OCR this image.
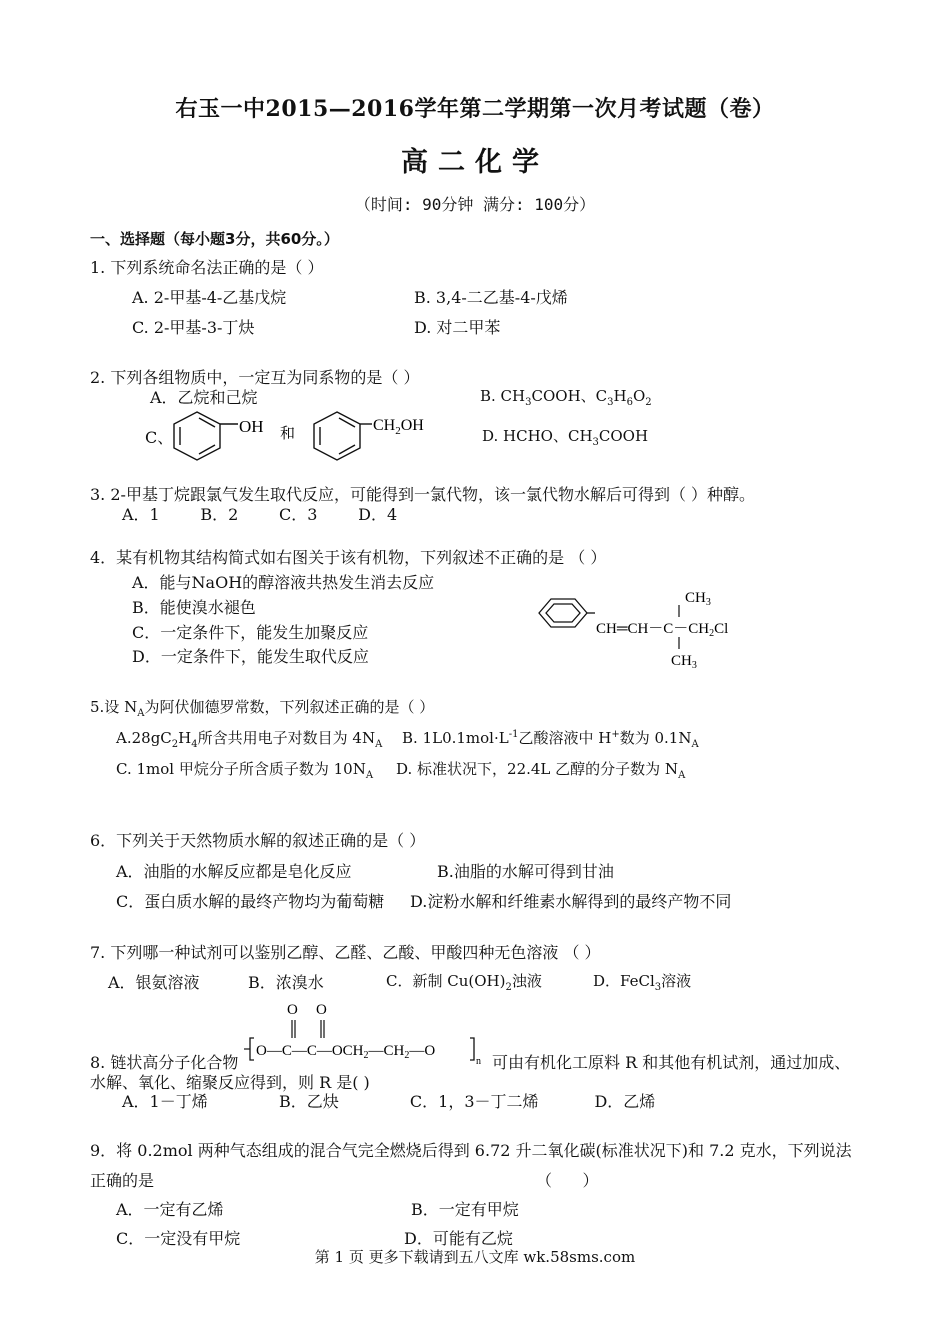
右玉一中2015—2016学年第二学期第一次月考试题（卷）
高二化学
（时间: 90分钟 满分: 100分）
一、选择题（每小题3分，共60分。）
1. 下列系统命名法正确的是（ ）
A. 2-甲基-4-乙基戊烷	B. 3,4-二乙基-4-戊烯
C. 2-甲基-3-丁炔	D. 对二甲苯
2. 下列各组物质中，一定互为同系物的是（ ）
A．乙烷和己烷	B. $CH_3COOH$、$C_3H_6O_2$
C、
OH 和	$CH_2OH$
D. HCHO、$CH_3COOH$
3. 2-甲基丁烷跟氯气发生取代反应，可能得到一氯代物，该一氯代物水解后可得到（ ）种醇。
A．1        B．2        C．3        D．4
4．某有机物其结构简式如右图关于该有机物，下列叙述不正确的是 （ ）
A．能与NaOH的醇溶液共热发生消去反应
B．能使溴水褪色
C．一定条件下，能发生加聚反应
D．一定条件下，能发生取代反应
$CH_3$
$CH═CH-C-CH_2Cl$
$CH_3$
5.设 $N_A$为阿伏伽德罗常数，下列叙述正确的是（ ）
$A.28gC_2H_4$所含共用电子对数目为 $4N_A$ B. $1L0.1mol\cdot L^{-1}$乙酸溶液中 H+数为 $0.1N_A$
C. 1mol 甲烷分子所含质子数为 $10N_A$ D. 标准状况下，22.4L 乙醇的分子数为 $N_A$
6．下列关于天然物质水解的叙述正确的是（ ）
A．油脂的水解反应都是皂化反应	B.油脂的水解可得到甘油
C．蛋白质水解的最终产物均为葡萄糖 D.淀粉水解和纤维素水解得到的最终产物不同
7. 下列哪一种试剂可以鉴别乙醇、乙醛、乙酸、甲酸四种无色溶液 （ ）
A．银氨溶液	B．浓溴水	C．新制 $Cu(OH)_2$浊液	D．FeCl$_3$溶液
8. 链状高分子化合物
O O
$O—C—C—OCH_2—CH_2—O$
n 可由有机化工原料 R 和其他有机试剂，通过加成、
水解、氧化、缩聚反应得到，则 R 是( )
A．1－丁烯              B．乙炔              C．1，3－丁二烯           D．乙烯
9．将 0.2mol 两种气态组成的混合气完全燃烧后得到 6.72 升二氧化碳(标准状况下)和 7.2 克水，下列说法
正确的是	（      ）
A．一定有乙烯	B．一定有甲烷
C．一定没有甲烷	D．可能有乙烷
第 1 页 更多下载请到五八文库 wk.58sms.com
